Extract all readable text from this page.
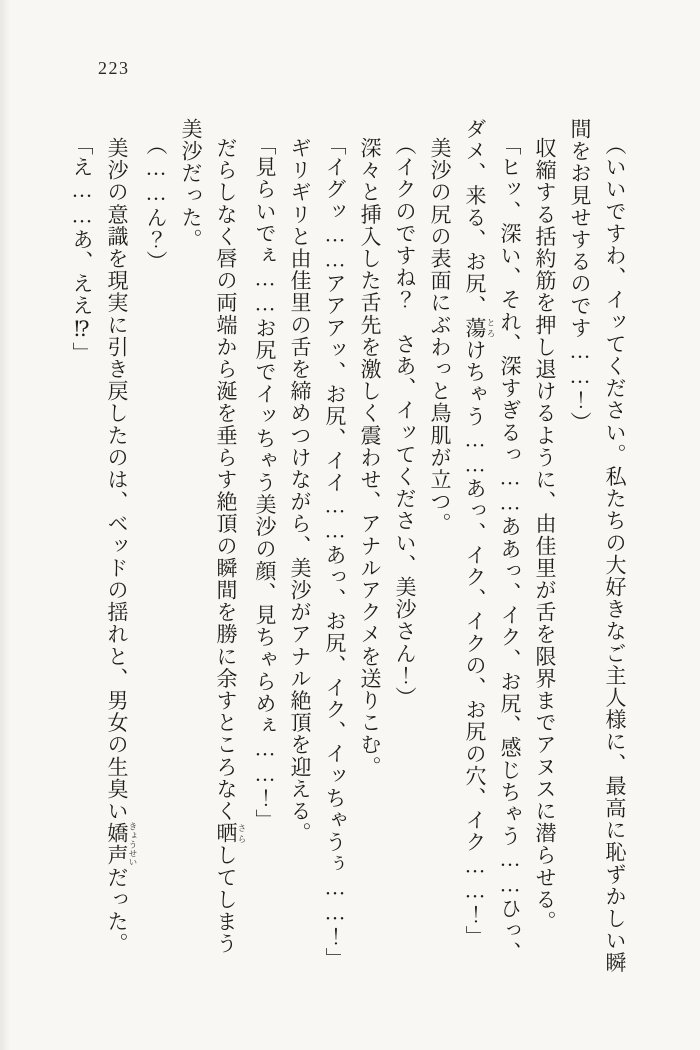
223

（いいですわ、イッてください。私たちの大好きなご主人様に、最高に恥ずかしい瞬間をお見せするのです……！）

収縮する括約筋を押し退けるように、由佳里が舌を限界までアヌスに潜らせる。

「ヒッ、深い、それ、深すぎるっ……ああっ、イク、お尻、感じちゃう……ひっ、ダメ、来る、お尻、蕩 とろけちゃう……あっ、イク、イクの、お尻の穴、イク……！」

美沙の尻の表面にぶわっと鳥肌が立つ。

（イクのですね？　さあ、イッてください、美沙さん！）

深々と挿入した舌先を激しく震わせ、アナルアクメを送りこむ。

「イグッ……アアアッ、お尻、イイ……あっ、お尻、イク、イッちゃうぅ……！」

ギリギリと由佳里の舌を締めつけながら、美沙がアナル絶頂を迎える。

「見らいでぇ……お尻でイッちゃう美沙の顔、見ちゃらめぇ……！」

だらしなく唇の両端から涎を垂らす絶頂の瞬間を勝に余すところなく晒 さらしてしまう美沙だった。

（……ん？）

美沙の意識を現実に引き戻したのは、ベッドの揺れと、男女の生臭い嬌声 きょうせいだった。

「え……あ、ええ⁉」
